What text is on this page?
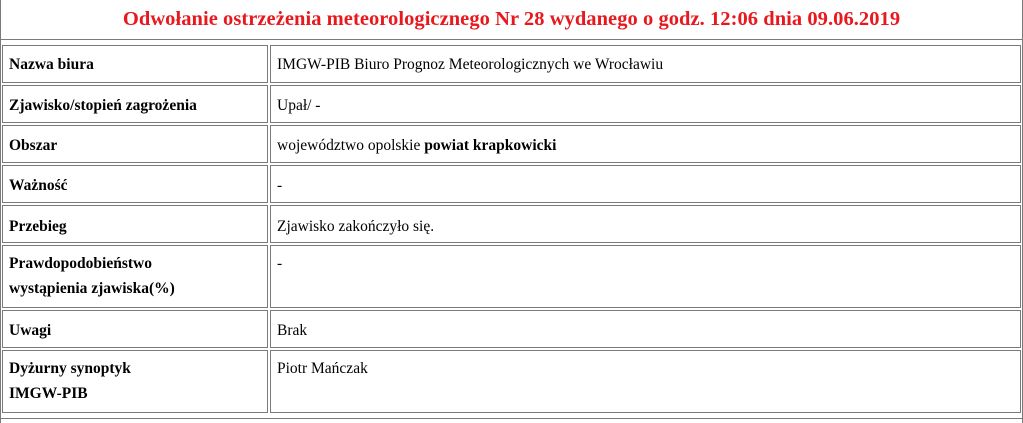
Odwołanie ostrzeżenia meteorologicznego Nr 28 wydanego o godz. 12:06 dnia 09.06.2019
Nazwa biura	IMGW-PIB Biuro Prognoz Meteorologicznych we Wrocławiu
Zjawisko/stopień zagrożenia	Upał/ -
Obszar	województwo opolskie powiat krapkowicki
Ważność	-
Przebieg	Zjawisko zakończyło się.
Prawdopodobieństwo
wystąpienia zjawiska(%)	-
Uwagi	Brak
Dyżurny synoptyk
IMGW-PIB	Piotr Mańczak
